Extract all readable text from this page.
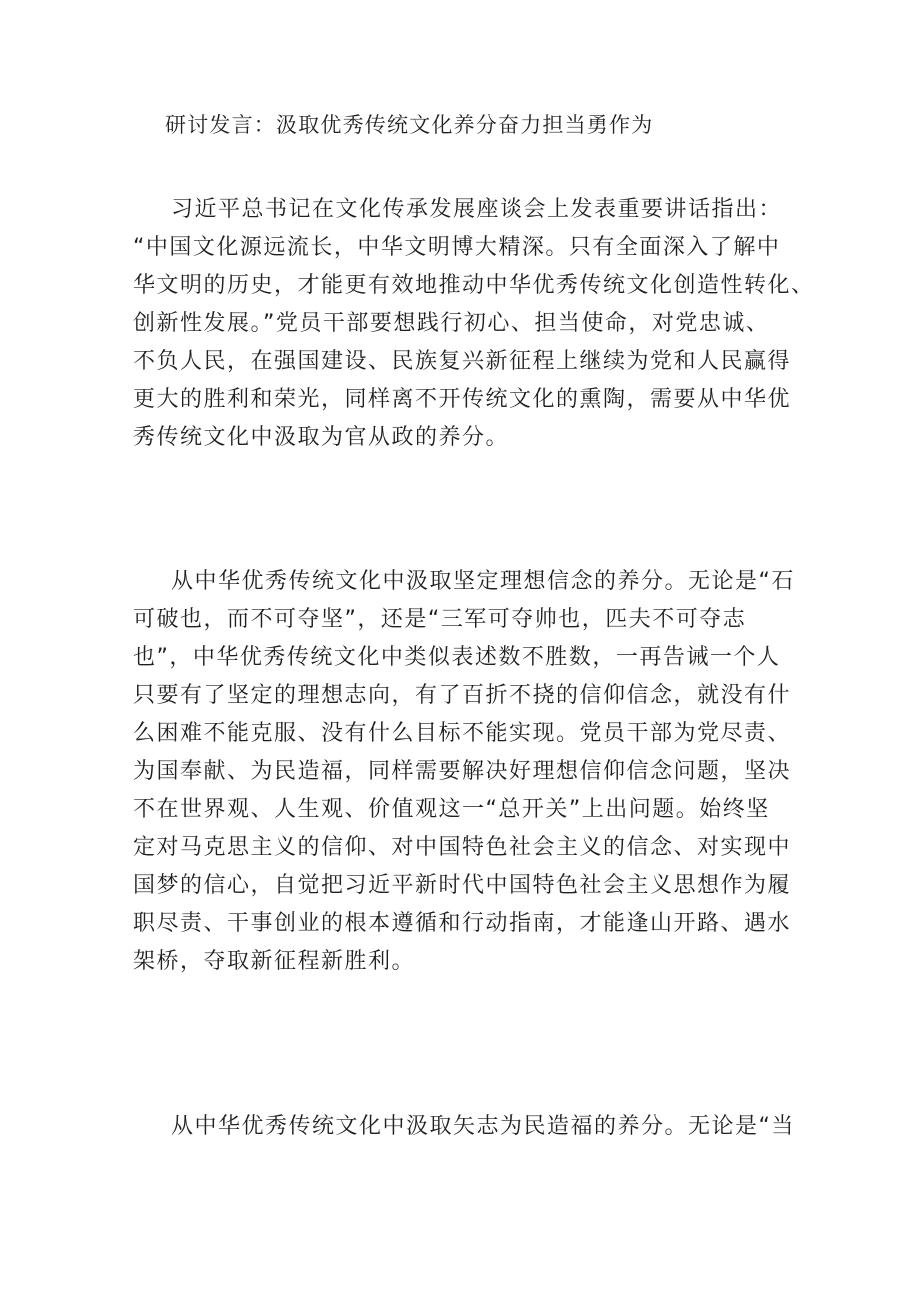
研讨发言：汲取优秀传统文化养分奋力担当勇作为
习近平总书记在文化传承发展座谈会上发表重要讲话指出：
“中国文化源远流长，中华文明博大精深。只有全面深入了解中
华文明的历史，才能更有效地推动中华优秀传统文化创造性转化、
创新性发展。”党员干部要想践行初心、担当使命，对党忠诚、
不负人民，在强国建设、民族复兴新征程上继续为党和人民赢得
更大的胜利和荣光，同样离不开传统文化的熏陶，需要从中华优
秀传统文化中汲取为官从政的养分。
从中华优秀传统文化中汲取坚定理想信念的养分。无论是“石
可破也，而不可夺坚”，还是“三军可夺帅也，匹夫不可夺志
也”，中华优秀传统文化中类似表述数不胜数，一再告诫一个人
只要有了坚定的理想志向，有了百折不挠的信仰信念，就没有什
么困难不能克服、没有什么目标不能实现。党员干部为党尽责、
为国奉献、为民造福，同样需要解决好理想信仰信念问题，坚决
不在世界观、人生观、价值观这一“总开关”上出问题。始终坚
定对马克思主义的信仰、对中国特色社会主义的信念、对实现中
国梦的信心，自觉把习近平新时代中国特色社会主义思想作为履
职尽责、干事创业的根本遵循和行动指南，才能逢山开路、遇水
架桥，夺取新征程新胜利。
从中华优秀传统文化中汲取矢志为民造福的养分。无论是“当
